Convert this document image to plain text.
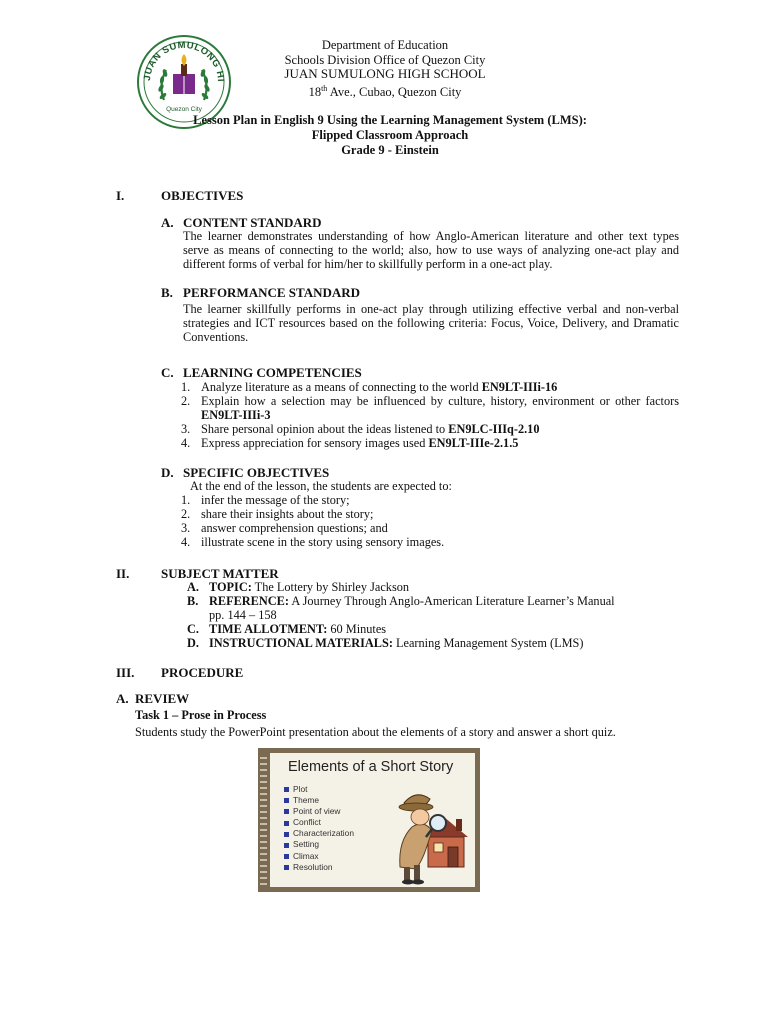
JUAN SUMULONG HI
Quezon City
Department of Education
Schools Division Office of Quezon City
JUAN SUMULONG HIGH SCHOOL
18th Ave., Cubao, Quezon City
Lesson Plan in English 9 Using the Learning Management System (LMS):
Flipped Classroom Approach
Grade 9 - Einstein
I.	OBJECTIVES
A. CONTENT STANDARD
The learner demonstrates understanding of how Anglo-American literature and other text types serve as means of connecting to the world; also, how to use ways of analyzing one-act play and different forms of verbal for him/her to skillfully perform in a one-act play.
B. PERFORMANCE STANDARD
The learner skillfully performs in one-act play through utilizing effective verbal and non-verbal strategies and ICT resources based on the following criteria: Focus, Voice, Delivery, and Dramatic Conventions.
C. LEARNING COMPETENCIES
1. Analyze literature as a means of connecting to the world EN9LT-IIIi-16
2. Explain how a selection may be influenced by culture, history, environment or other factors EN9LT-IIIi-3
3. Share personal opinion about the ideas listened to EN9LC-IIIq-2.10
4. Express appreciation for sensory images used EN9LT-IIIe-2.1.5
D. SPECIFIC OBJECTIVES
At the end of the lesson, the students are expected to:
1. infer the message of the story;
2. share their insights about the story;
3. answer comprehension questions; and
4. illustrate scene in the story using sensory images.
II. SUBJECT MATTER
A. TOPIC: The Lottery by Shirley Jackson
B. REFERENCE: A Journey Through Anglo-American Literature Learner’s Manual
pp. 144 – 158
C. TIME ALLOTMENT: 60 Minutes
D. INSTRUCTIONAL MATERIALS: Learning Management System (LMS)
III. PROCEDURE
A. REVIEW
Task 1 – Prose in Process
Students study the PowerPoint presentation about the elements of a story and answer a short quiz.
Elements of a Short Story
Plot
Theme
Point of view
Conflict
Characterization
Setting
Climax
Resolution
